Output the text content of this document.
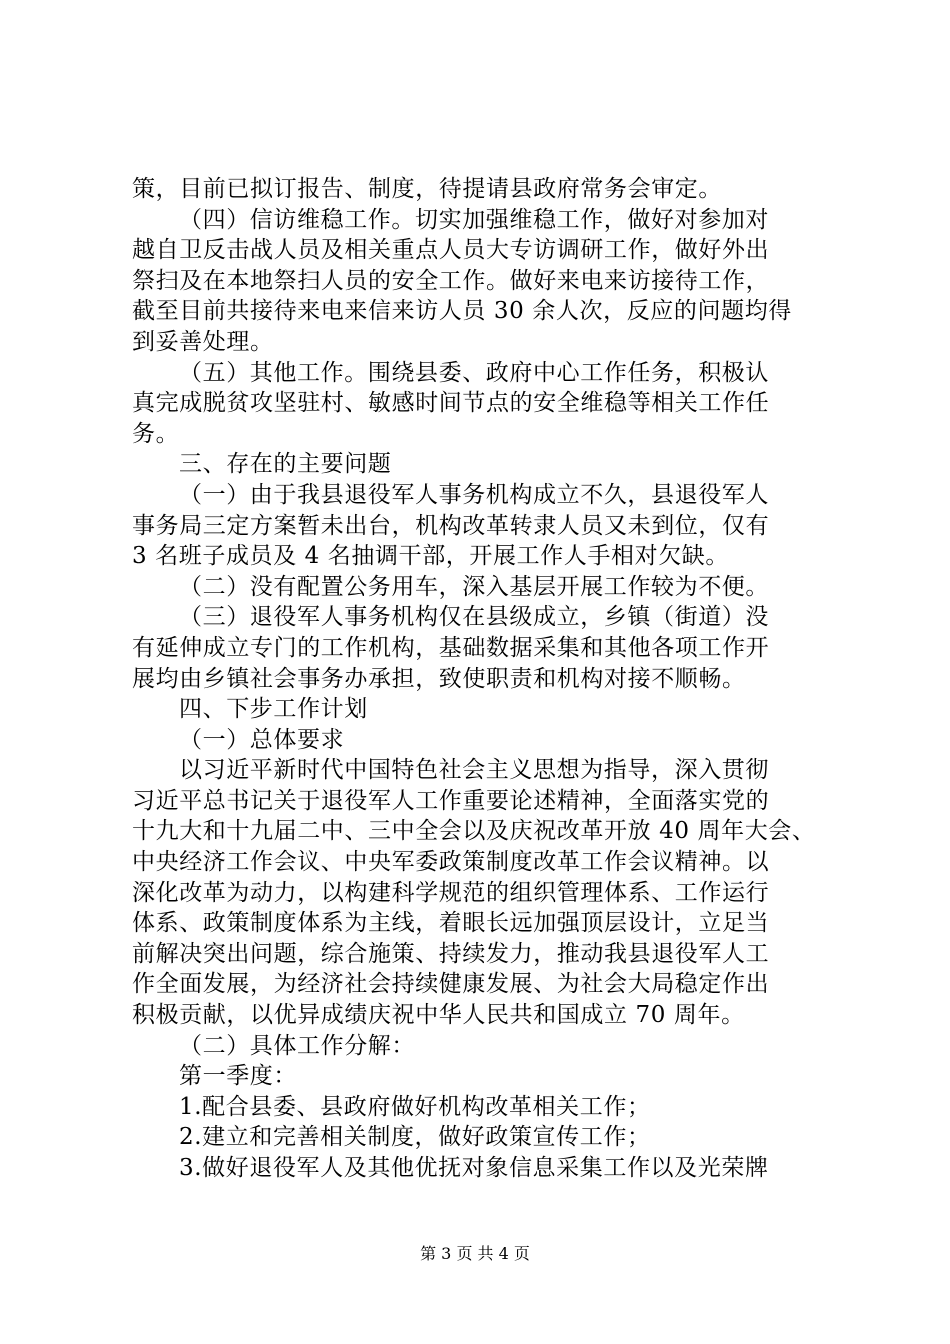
策，目前已拟订报告、制度，待提请县政府常务会审定。
（四）信访维稳工作。切实加强维稳工作，做好对参加对
越自卫反击战人员及相关重点人员大专访调研工作，做好外出
祭扫及在本地祭扫人员的安全工作。做好来电来访接待工作，
截至目前共接待来电来信来访人员 30 余人次，反应的问题均得
到妥善处理。
（五）其他工作。围绕县委、政府中心工作任务，积极认
真完成脱贫攻坚驻村、敏感时间节点的安全维稳等相关工作任
务。
三、存在的主要问题
（一）由于我县退役军人事务机构成立不久，县退役军人
事务局三定方案暂未出台，机构改革转隶人员又未到位，仅有
3 名班子成员及 4 名抽调干部，开展工作人手相对欠缺。
（二）没有配置公务用车，深入基层开展工作较为不便。
（三）退役军人事务机构仅在县级成立，乡镇（街道）没
有延伸成立专门的工作机构，基础数据采集和其他各项工作开
展均由乡镇社会事务办承担，致使职责和机构对接不顺畅。
四、下步工作计划
（一）总体要求
以习近平新时代中国特色社会主义思想为指导，深入贯彻
习近平总书记关于退役军人工作重要论述精神，全面落实党的
十九大和十九届二中、三中全会以及庆祝改革开放 40 周年大会、
中央经济工作会议、中央军委政策制度改革工作会议精神。以
深化改革为动力，以构建科学规范的组织管理体系、工作运行
体系、政策制度体系为主线，着眼长远加强顶层设计，立足当
前解决突出问题，综合施策、持续发力，推动我县退役军人工
作全面发展，为经济社会持续健康发展、为社会大局稳定作出
积极贡献，以优异成绩庆祝中华人民共和国成立 70 周年。
（二）具体工作分解：
第一季度：
1.配合县委、县政府做好机构改革相关工作；
2.建立和完善相关制度，做好政策宣传工作；
3.做好退役军人及其他优抚对象信息采集工作以及光荣牌
第 3 页 共 4 页
